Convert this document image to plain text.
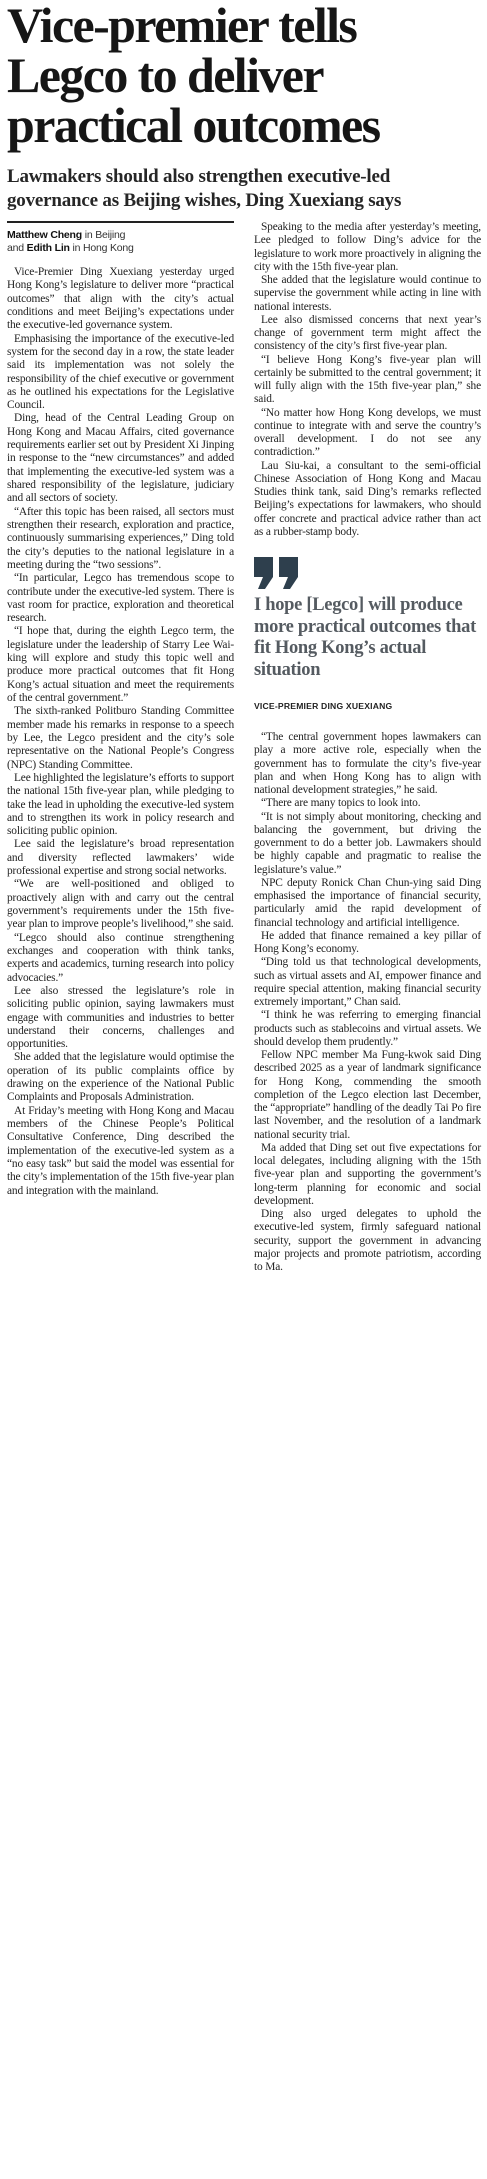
Vice-premier tells Legco to deliver practical outcomes
Lawmakers should also strengthen executive-led governance as Beijing wishes, Ding Xuexiang says
Matthew Cheng in Beijing
and Edith Lin in Hong Kong

Vice-Premier Ding Xuexiang yesterday urged Hong Kong’s legislature to deliver more “practical outcomes” that align with the city’s actual conditions and meet Beijing’s expectations under the executive-led governance system.

Emphasising the importance of the executive-led system for the second day in a row, the state leader said its implementation was not solely the responsibility of the chief executive or government as he outlined his expectations for the Legislative Council.

Ding, head of the Central Leading Group on Hong Kong and Macau Affairs, cited governance requirements earlier set out by President Xi Jinping in response to the “new circumstances” and added that implementing the executive-led system was a shared responsibility of the legislature, judiciary and all sectors of society.

“After this topic has been raised, all sectors must strengthen their research, exploration and practice, continuously summarising experiences,” Ding told the city’s deputies to the national legislature in a meeting during the “two sessions”.

“In particular, Legco has tremendous scope to contribute under the executive-led system. There is vast room for practice, exploration and theoretical research.

“I hope that, during the eighth Legco term, the legislature under the leadership of Starry Lee Wai-king will explore and study this topic well and produce more practical outcomes that fit Hong Kong’s actual situation and meet the requirements of the central government.”

The sixth-ranked Politburo Standing Committee member made his remarks in response to a speech by Lee, the Legco president and the city’s sole representative on the National People’s Congress (NPC) Standing Committee.

Lee highlighted the legislature’s efforts to support the national 15th five-year plan, while pledging to take the lead in upholding the executive-led system and to strengthen its work in policy research and soliciting public opinion.

Lee said the legislature’s broad representation and diversity reflected lawmakers’ wide professional expertise and strong social networks.

“We are well-positioned and obliged to proactively align with and carry out the central government’s requirements under the 15th five-year plan to improve people’s livelihood,” she said.

“Legco should also continue strengthening exchanges and cooperation with think tanks, experts and academics, turning research into policy advocacies.”

Lee also stressed the legislature’s role in soliciting public opinion, saying lawmakers must engage with communities and industries to better understand their concerns, challenges and opportunities.

She added that the legislature would optimise the operation of its public complaints office by drawing on the experience of the National Public Complaints and Proposals Administration.

At Friday’s meeting with Hong Kong and Macau members of the Chinese People’s Political Consultative Conference, Ding described the implementation of the executive-led system as a “no easy task” but said the model was essential for the city’s implementation of the 15th five-year plan and integration with the mainland.

Speaking to the media after yesterday’s meeting, Lee pledged to follow Ding’s advice for the legislature to work more proactively in aligning the city with the 15th five-year plan.

She added that the legislature would continue to supervise the government while acting in line with national interests.

Lee also dismissed concerns that next year’s change of government term might affect the consistency of the city’s first five-year plan.

“I believe Hong Kong’s five-year plan will certainly be submitted to the central government; it will fully align with the 15th five-year plan,” she said.

“No matter how Hong Kong develops, we must continue to integrate with and serve the country’s overall development. I do not see any contradiction.”

Lau Siu-kai, a consultant to the semi-official Chinese Association of Hong Kong and Macau Studies think tank, said Ding’s remarks reflected Beijing’s expectations for lawmakers, who should offer concrete and practical advice rather than act as a rubber-stamp body.

I hope [Legco] will produce more practical outcomes that fit Hong Kong’s actual situation

VICE-PREMIER DING XUEXIANG

“The central government hopes lawmakers can play a more active role, especially when the government has to formulate the city’s five-year plan and when Hong Kong has to align with national development strategies,” he said.

“There are many topics to look into.

“It is not simply about monitoring, checking and balancing the government, but driving the government to do a better job. Lawmakers should be highly capable and pragmatic to realise the legislature’s value.”

NPC deputy Ronick Chan Chun-ying said Ding emphasised the importance of financial security, particularly amid the rapid development of financial technology and artificial intelligence.

He added that finance remained a key pillar of Hong Kong’s economy.

“Ding told us that technological developments, such as virtual assets and AI, empower finance and require special attention, making financial security extremely important,” Chan said.

“I think he was referring to emerging financial products such as stablecoins and virtual assets. We should develop them prudently.”

Fellow NPC member Ma Fung-kwok said Ding described 2025 as a year of landmark significance for Hong Kong, commending the smooth completion of the Legco election last December, the “appropriate” handling of the deadly Tai Po fire last November, and the resolution of a landmark national security trial.

Ma added that Ding set out five expectations for local delegates, including aligning with the 15th five-year plan and supporting the government’s long-term planning for economic and social development.

Ding also urged delegates to uphold the executive-led system, firmly safeguard national security, support the government in advancing major projects and promote patriotism, according to Ma.
